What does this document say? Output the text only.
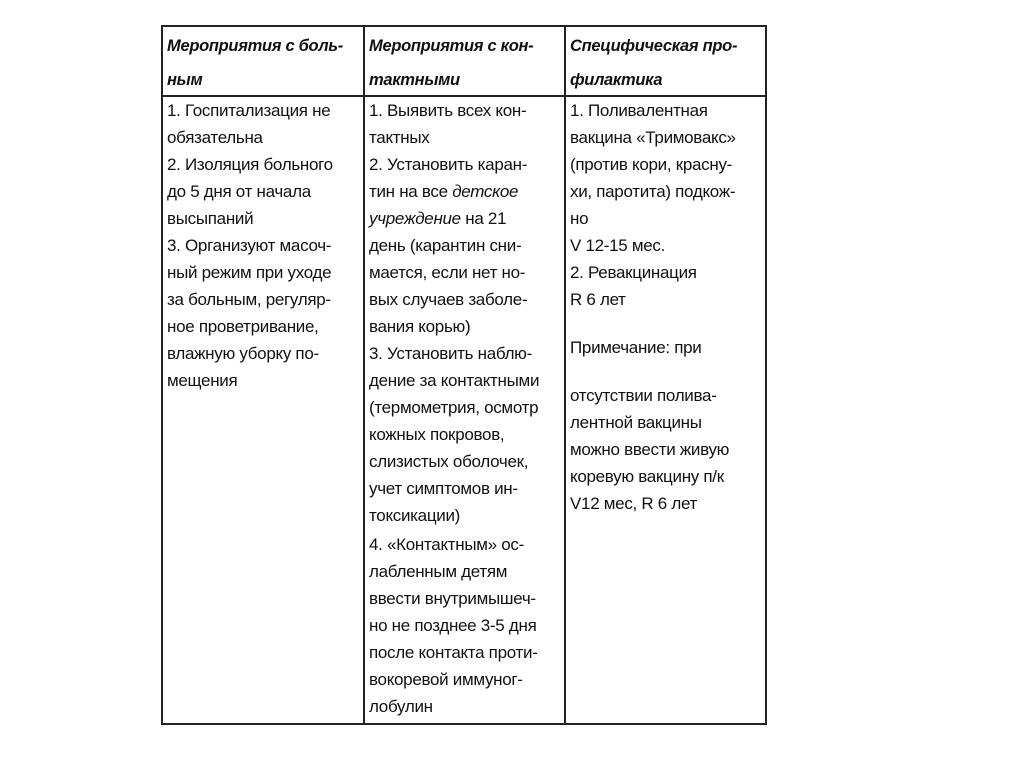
Мероприятия с боль-
ным
Мероприятия с кон-
тактными
Специфическая про-
филактика
1. Госпитализация не
обязательна
2. Изоляция больного
до 5 дня от начала
высыпаний
3. Организуют масоч-
ный режим при уходе
за больным, регуляр-
ное проветривание,
влажную уборку по-
мещения
1. Выявить всех кон-
тактных
2. Установить каран-
тин на все детское
учреждение на 21
день (карантин сни-
мается, если нет но-
вых случаев заболе-
вания корью)
3. Установить наблю-
дение за контактными
(термометрия, осмотр
кожных покровов,
слизистых оболочек,
учет симптомов ин-
токсикации)
4. «Контактным» ос-
лабленным детям
ввести внутримышеч-
но не позднее 3-5 дня
после контакта проти-
вокоревой иммуног-
лобулин
1. Поливалентная
вакцина «Тримовакс»
(против кори, красну-
хи, паротита) подкож-
но
V 12-15 мес.
2. Ревакцинация
R 6 лет
Примечание: при
отсутствии полива-
лентной вакцины
можно ввести живую
коревую вакцину п/к
V12 мес, R 6 лет
